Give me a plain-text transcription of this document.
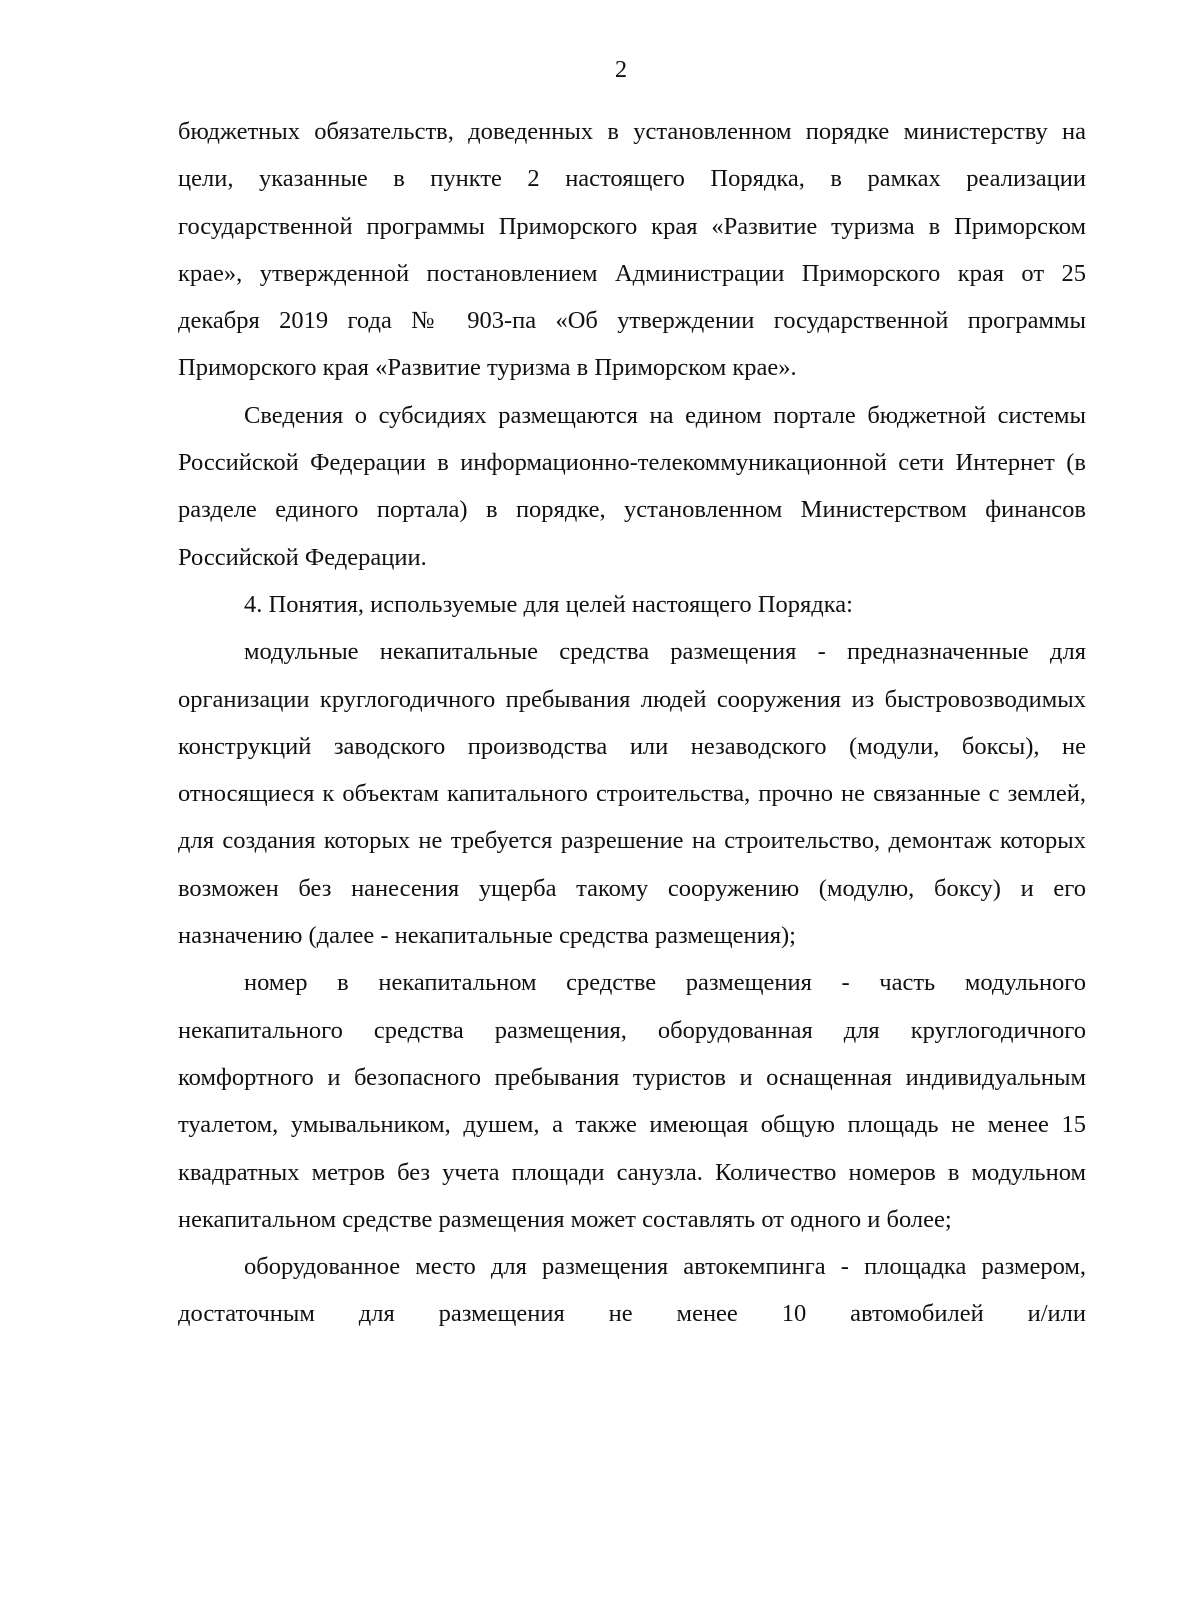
2

бюджетных обязательств, доведенных в установленном порядке министерству на цели, указанные в пункте 2 настоящего Порядка, в рамках реализации государственной программы Приморского края «Развитие туризма в Приморском крае», утвержденной постановлением Администрации Приморского края от 25 декабря 2019 года № 903-па «Об утверждении государственной программы Приморского края «Развитие туризма в Приморском крае».

Сведения о субсидиях размещаются на едином портале бюджетной системы Российской Федерации в информационно-телекоммуникационной сети Интернет (в разделе единого портала) в порядке, установленном Министерством финансов Российской Федерации.

4. Понятия, используемые для целей настоящего Порядка:

модульные некапитальные средства размещения - предназначенные для организации круглогодичного пребывания людей сооружения из быстровозводимых конструкций заводского производства или незаводского (модули, боксы), не относящиеся к объектам капитального строительства, прочно не связанные с землей, для создания которых не требуется разрешение на строительство, демонтаж которых возможен без нанесения ущерба такому сооружению (модулю, боксу) и его назначению (далее - некапитальные средства размещения);

номер в некапитальном средстве размещения - часть модульного некапитального средства размещения, оборудованная для круглогодичного комфортного и безопасного пребывания туристов и оснащенная индивидуальным туалетом, умывальником, душем, а также имеющая общую площадь не менее 15 квадратных метров без учета площади санузла. Количество номеров в модульном некапитальном средстве размещения может составлять от одного и более;

оборудованное место для размещения автокемпинга - площадка размером, достаточным для размещения не менее 10 автомобилей и/или
